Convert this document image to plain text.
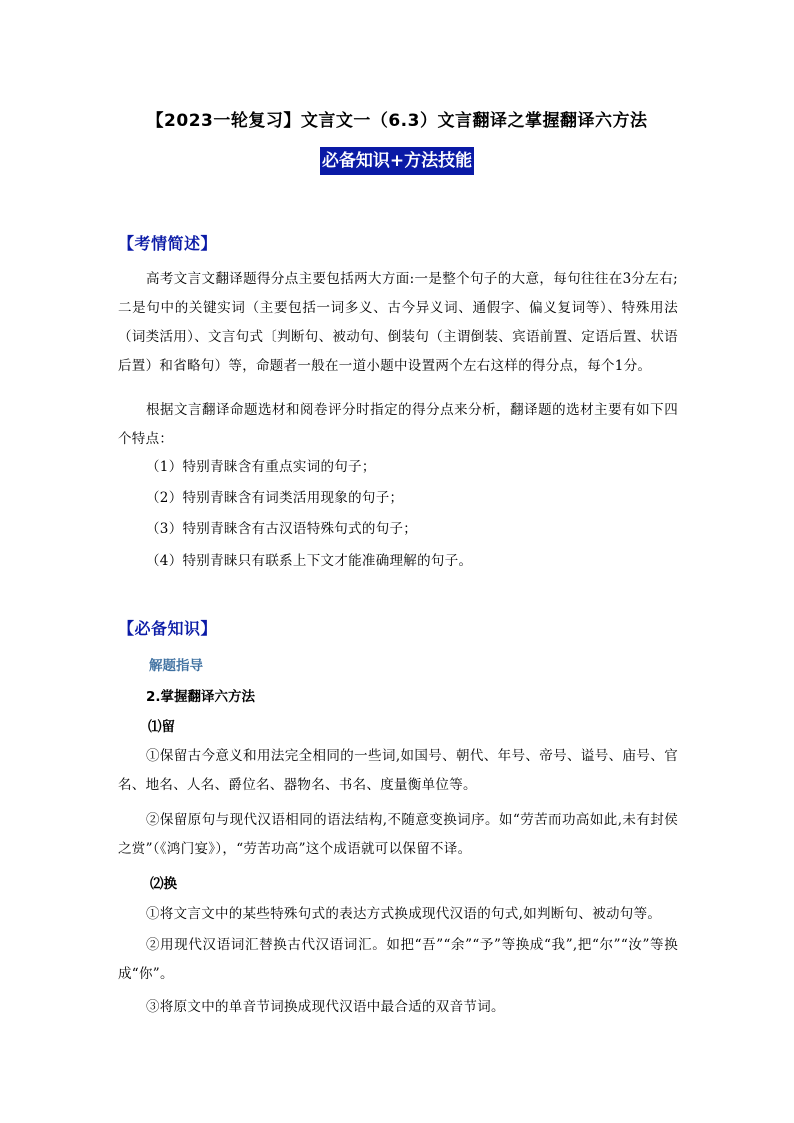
【2023一轮复习】文言文一（6.3）文言翻译之掌握翻译六方法
必备知识+方法技能
【考情简述】
高考文言文翻译题得分点主要包括两大方面:一是整个句子的大意，每句往往在3分左右;二是句中的关键实词（主要包括一词多义、古今异义词、通假字、偏义复词等）、特殊用法（词类活用）、文言句式〔判断句、被动句、倒装句（主谓倒装、宾语前置、定语后置、状语后置）和省略句）等，命题者一般在一道小题中设置两个左右这样的得分点，每个1分。
根据文言翻译命题选材和阅卷评分时指定的得分点来分析，翻译题的选材主要有如下四个特点：
（1）特别青睐含有重点实词的句子；
（2）特别青睐含有词类活用现象的句子；
（3）特别青睐含有古汉语特殊句式的句子；
（4）特别青睐只有联系上下文才能准确理解的句子。
【必备知识】
解题指导
2.掌握翻译六方法
⑴留
①保留古今意义和用法完全相同的一些词,如国号、朝代、年号、帝号、谥号、庙号、官名、地名、人名、爵位名、器物名、书名、度量衡单位等。
②保留原句与现代汉语相同的语法结构,不随意变换词序。如“劳苦而功高如此,未有封侯之赏”（《鸿门宴》），“劳苦功高”这个成语就可以保留不译。
⑵换
①将文言文中的某些特殊句式的表达方式换成现代汉语的句式,如判断句、被动句等。
②用现代汉语词汇替换古代汉语词汇。如把“吾”“余”“予”等换成“我”,把“尔”“汝”等换成“你”。
③将原文中的单音节词换成现代汉语中最合适的双音节词。
